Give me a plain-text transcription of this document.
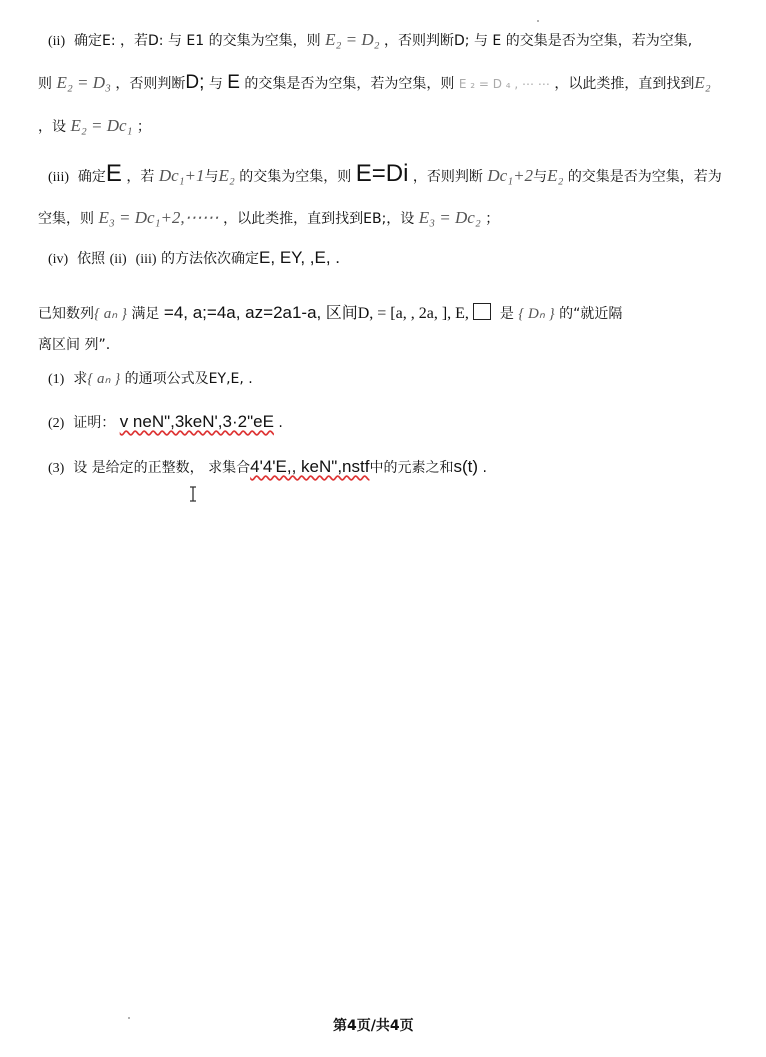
(ii) 确定E: ，若D: 与 E1 的交集为空集，则 E₂ = D₂ ，否则判断D; 与 E 的交集是否为空集，若为空集,
则 E₂ = D₃ ，否则判断D; 与 E 的交集是否为空集，若为空集，则 E ₂ = D ₄ , ⋯ ⋯ ，以此类推，直到找到E₂
，设 E₂ = Dc₁ ；
(iii) 确定E ，若 Dc₁+1与E₂ 的交集为空集，则 E=Di ，否则判断 Dc₁+2与E₂ 的交集是否为空集，若为
空集，则 E₃ = Dc₁+2,⋯⋯ ，以此类推，直到找到EB;，设 E₃ = Dc₂ ；
(iv) 依照 (ii) (iii) 的方法依次确定E, EY, ,E, .
已知数列{ aₙ } 满足 =4, a;=4a, az=2a1-a, 区间D, = [a, , 2a, ], E, 是 { Dₙ } 的“就近隔
离区间 列”.
(1) 求{ aₙ } 的通项公式及EY,E, .
(2) 证明： v neN",3keN',3·2"eE .
(3) 设 是给定的正整数， 求集合4'4'E,, keN",nstf中的元素之和s(t) .
第4页/共4页
